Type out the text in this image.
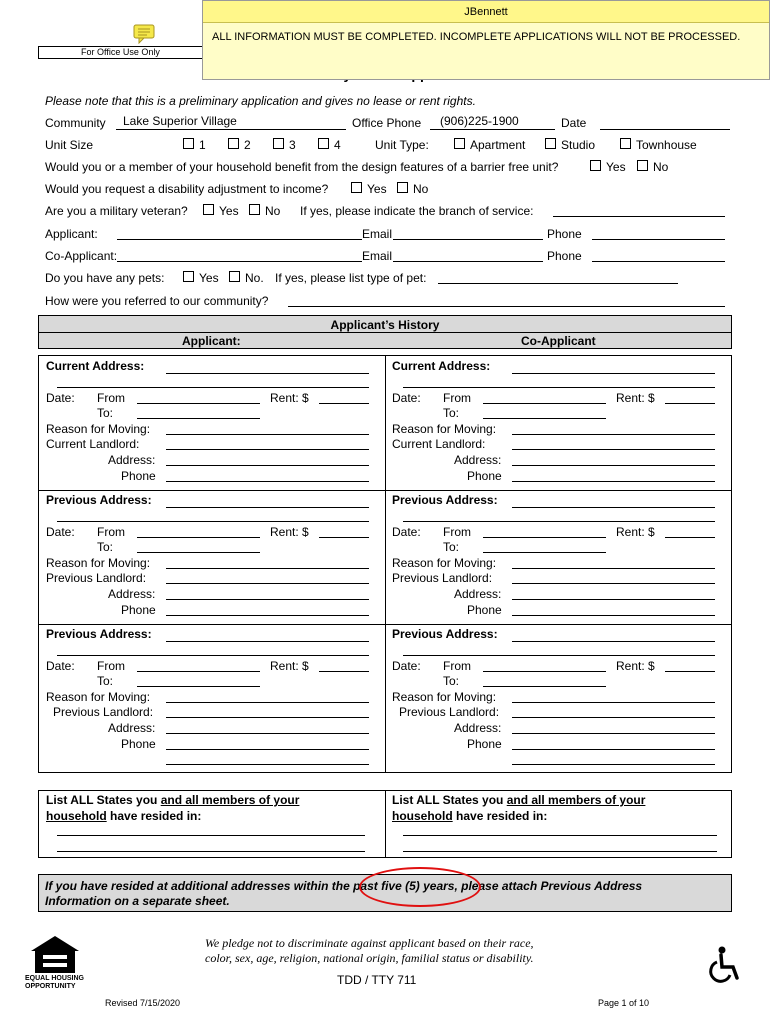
For Office Use Only
JBennett
ALL INFORMATION MUST BE COMPLETED. INCOMPLETE APPLICATIONS WILL NOT BE PROCESSED.
Please note that this is a preliminary application and gives no lease or rent rights.
Community Lake Superior Village	Office Phone (906)225-1900	Date
Unit Size	1	2	3	4	Unit Type:	Apartment	Studio	Townhouse
Would you or a member of your household benefit from the design features of a barrier free unit?	Yes No
Would you request a disability adjustment to income?	Yes No
Are you a military veteran?	Yes No If yes, please indicate the branch of service:
Applicant:	Email	Phone
Co-Applicant:	Email	Phone
Do you have any pets:	Yes No. If yes, please list type of pet:
How were you referred to our community?
Applicant’s History
Applicant:	Co-Applicant
Current Address:
Date: From	Rent: $
To:
Reason for Moving:
Current Landlord:
Address:
Phone
Current Address:
Date: From	Rent: $
To:
Reason for Moving:
Current Landlord:
Address:
Phone
Previous Address:
Date: From	Rent: $
To:
Reason for Moving:
Previous Landlord:
Address:
Phone
Previous Address:
Date: From	Rent: $
To:
Reason for Moving:
Previous Landlord:
Address:
Phone
Previous Address:
Date: From	Rent: $
To:
Reason for Moving:
Previous Landlord:
Address:
Phone
Previous Address:
Date: From	Rent: $
To:
Reason for Moving:
Previous Landlord:
Address:
Phone
List ALL States you and all members of your
household have resided in:
List ALL States you and all members of your
household have resided in:
If you have resided at additional addresses within the past five (5) years, please attach Previous Address
Information on a separate sheet.
EQUAL HOUSING
OPPORTUNITY
We pledge not to discriminate against applicant based on their race,
color, sex, age, religion, national origin, familial status or disability.
TDD / TTY 711
Revised 7/15/2020	Page 1 of 10
